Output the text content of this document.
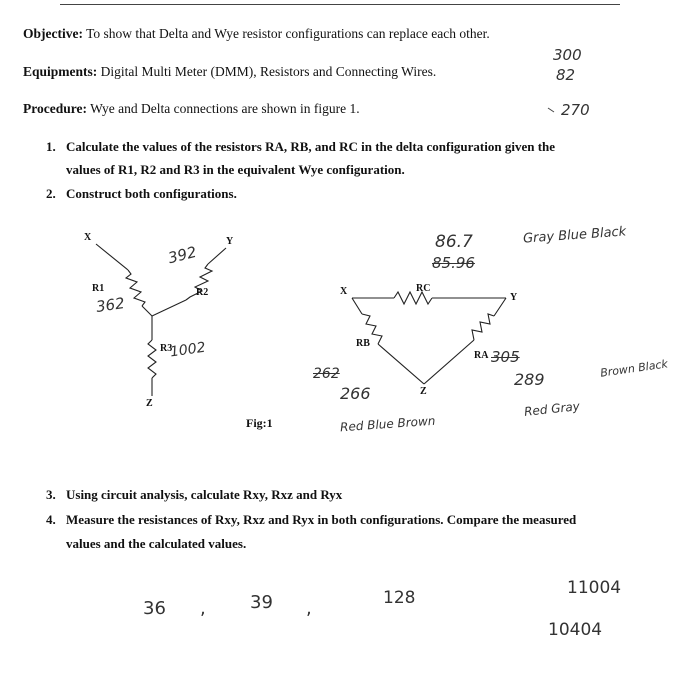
Objective: To show that Delta and Wye resistor configurations can replace each other.
Equipments: Digital Multi Meter (DMM), Resistors and Connecting Wires.
Procedure: Wye and Delta connections are shown in figure 1.
1. Calculate the values of the resistors RA, RB, and RC in the delta configuration given the
values of R1, R2 and R3 in the equivalent Wye configuration.
2. Construct both configurations.
X	Y
Z
R1	R2
R3
X
Y
Z
RC
RB
RA
Fig:1
300
82
270
392
362
1002
86.7
85.96
Gray Blue Black
262
266
Red Blue Brown
305
289
Red Gray
Brown Black
3. Using circuit analysis, calculate Rxy, Rxz and Ryx
4. Measure the resistances of Rxy, Rxz and Ryx in both configurations. Compare the measured
values and the calculated values.
36 , 39 ,	128	11004
10404
